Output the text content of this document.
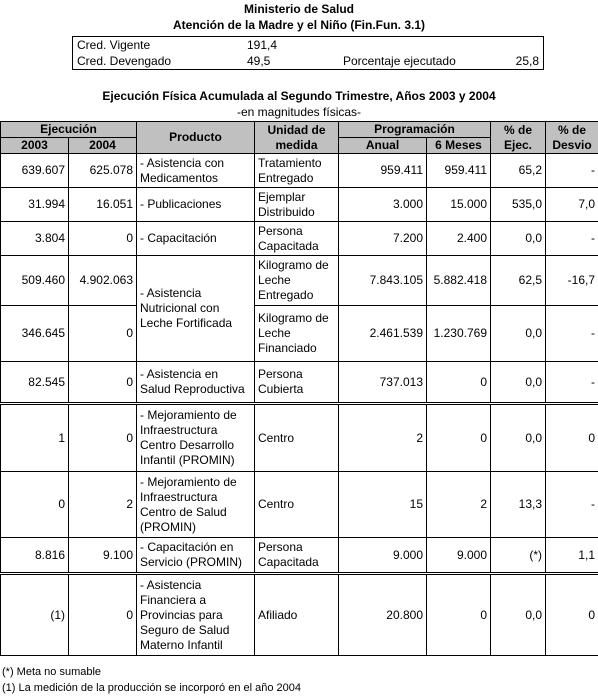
Ministerio de Salud
Atención de la Madre y el Niño (Fin.Fun. 3.1)
Cred. Vigente	191,4
Cred. Devengado	49,5	Porcentaje ejecutado	25,8
Ejecución Física Acumulada al Segundo Trimestre, Años 2003 y 2004
-en magnitudes físicas-
Ejecución		Producto	Unidad de medida	Programación		% de Ejec.	% de Desvio
2003	2004			Anual	6 Meses		
639.607	625.078	- Asistencia con Medicamentos	Tratamiento Entregado	959.411	959.411	65,2	-
31.994	16.051	- Publicaciones	Ejemplar Distribuido	3.000	15.000	535,0	7,0
3.804	0	- Capacitación	Persona Capacitada	7.200	2.400	0,0	-
509.460	4.902.063	- Asistencia Nutricional con Leche Fortificada	Kilogramo de Leche Entregado	7.843.105	5.882.418	62,5	-16,7
346.645	0		Kilogramo de Leche Financiado	2.461.539	1.230.769	0,0	-
82.545	0	- Asistencia en Salud Reproductiva	Persona Cubierta	737.013	0	0,0	-
1	0	- Mejoramiento de Infraestructura Centro Desarrollo Infantil (PROMIN)	Centro	2	0	0,0	0
0	2	- Mejoramiento de Infraestructura Centro de Salud (PROMIN)	Centro	15	2	13,3	-
8.816	9.100	- Capacitación en Servicio (PROMIN)	Persona Capacitada	9.000	9.000	(*)	1,1
(1)	0	- Asistencia Financiera a Provincias para Seguro de Salud Materno Infantil	Afiliado	20.800	0	0,0	0
(*) Meta no sumable
(1) La medición de la producción se incorporó en el año 2004
